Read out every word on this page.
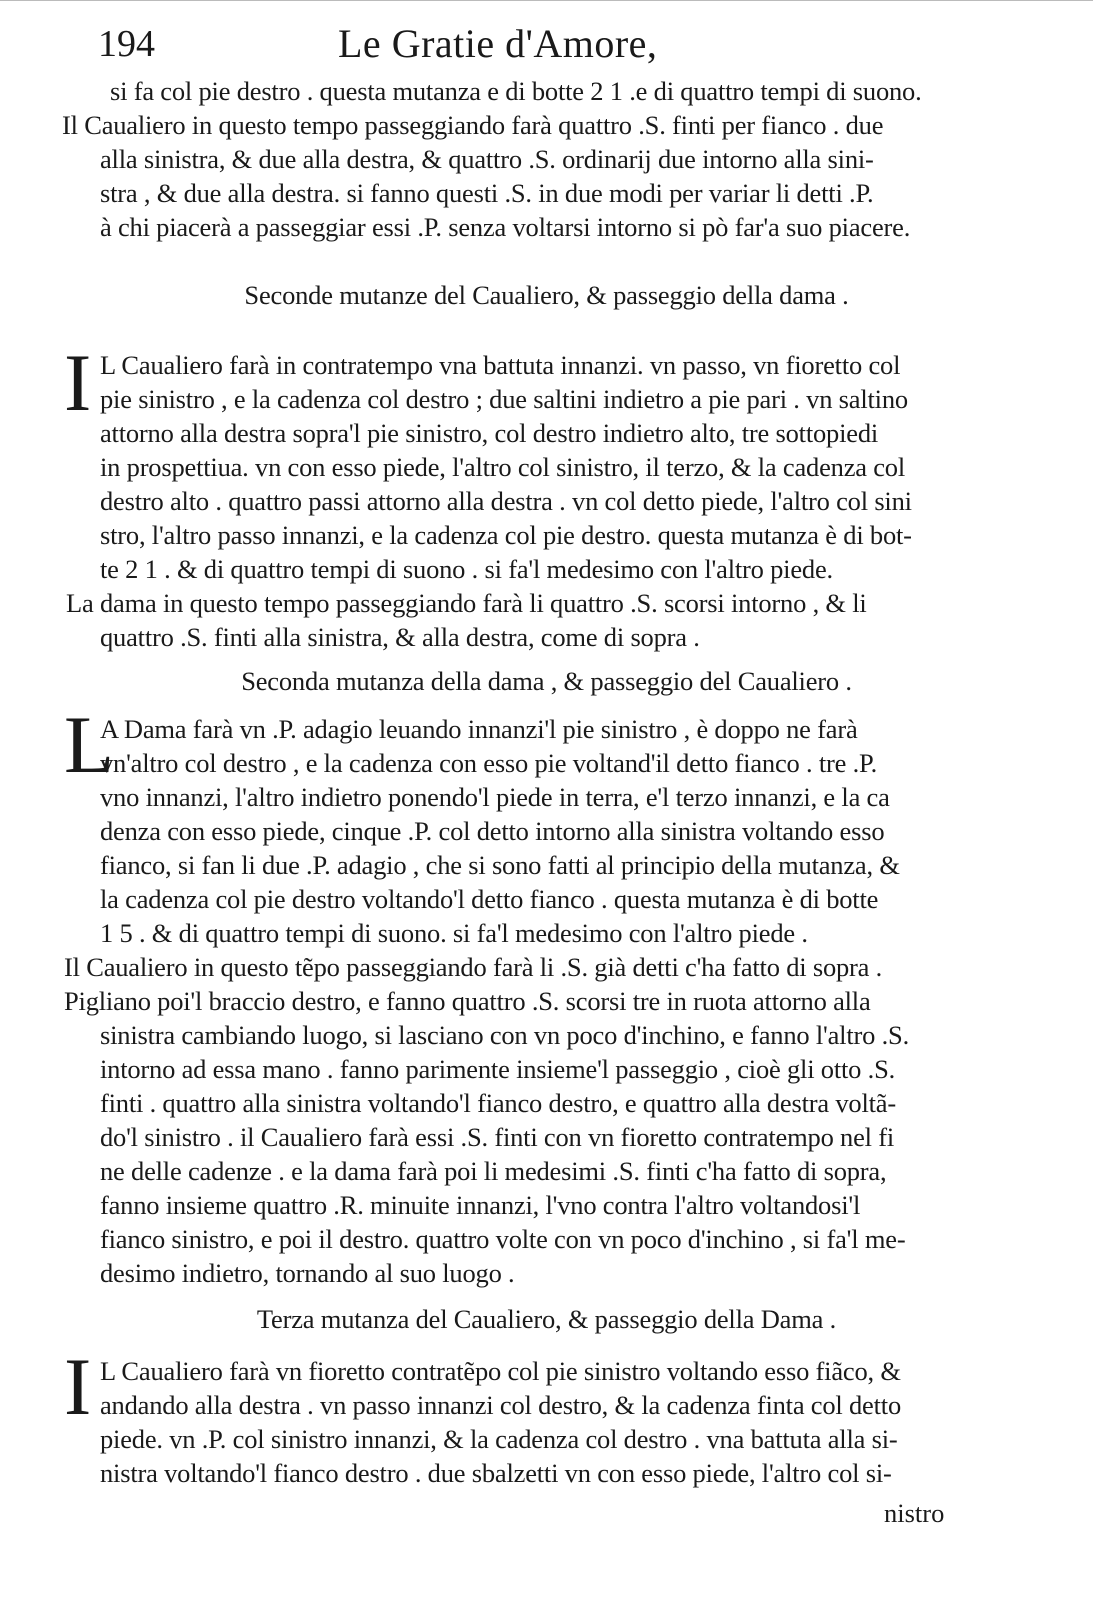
194	Le Gratie d'Amore,
si fa col pie destro . questa mutanza e di botte 2 1 .e di quattro tempi di suono.
Il Caualiero in questo tempo passeggiando farà quattro .S. finti per fianco . due
alla sinistra, & due alla destra, & quattro .S. ordinarij due intorno alla sini-
stra , & due alla destra. si fanno questi .S. in due modi per variar li detti .P.
à chi piacerà a passeggiar essi .P. senza voltarsi intorno si pò far'a suo piacere.
Seconde mutanze del Caualiero, & passeggio della dama .
I L Caualiero farà in contratempo vna battuta innanzi. vn passo, vn fioretto col
pie sinistro , e la cadenza col destro ; due saltini indietro a pie pari . vn saltino
attorno alla destra sopra'l pie sinistro, col destro indietro alto, tre sottopiedi
in prospettiua. vn con esso piede, l'altro col sinistro, il terzo, & la cadenza col
destro alto . quattro passi attorno alla destra . vn col detto piede, l'altro col sini
stro, l'altro passo innanzi, e la cadenza col pie destro. questa mutanza è di bot-
te 2 1 . & di quattro tempi di suono . si fa'l medesimo con l'altro piede.
La dama in questo tempo passeggiando farà li quattro .S. scorsi intorno , & li
quattro .S. finti alla sinistra, & alla destra, come di sopra .
Seconda mutanza della dama , & passeggio del Caualiero .
L
A Dama farà vn .P. adagio leuando innanzi'l pie sinistro , è doppo ne farà
vn'altro col destro , e la cadenza con esso pie voltand'il detto fianco . tre .P.
vno innanzi, l'altro indietro ponendo'l piede in terra, e'l terzo innanzi, e la ca
denza con esso piede, cinque .P. col detto intorno alla sinistra voltando esso
fianco, si fan li due .P. adagio , che si sono fatti al principio della mutanza, &
la cadenza col pie destro voltando'l detto fianco . questa mutanza è di botte
1 5 . & di quattro tempi di suono. si fa'l medesimo con l'altro piede .
Il Caualiero in questo tẽpo passeggiando farà li .S. già detti c'ha fatto di sopra .
Pigliano poi'l braccio destro, e fanno quattro .S. scorsi tre in ruota attorno alla
sinistra cambiando luogo, si lasciano con vn poco d'inchino, e fanno l'altro .S.
intorno ad essa mano . fanno parimente insieme'l passeggio , cioè gli otto .S.
finti . quattro alla sinistra voltando'l fianco destro, e quattro alla destra voltã-
do'l sinistro . il Caualiero farà essi .S. finti con vn fioretto contratempo nel fi
ne delle cadenze . e la dama farà poi li medesimi .S. finti c'ha fatto di sopra,
fanno insieme quattro .R. minuite innanzi, l'vno contra l'altro voltandosi'l
fianco sinistro, e poi il destro. quattro volte con vn poco d'inchino , si fa'l me-
desimo indietro, tornando al suo luogo .
Terza mutanza del Caualiero, & passeggio della Dama .
I L Caualiero farà vn fioretto contratẽpo col pie sinistro voltando esso fiãco, &
andando alla destra . vn passo innanzi col destro, & la cadenza finta col detto
piede. vn .P. col sinistro innanzi, & la cadenza col destro . vna battuta alla si-
nistra voltando'l fianco destro . due sbalzetti vn con esso piede, l'altro col si-
nistro
